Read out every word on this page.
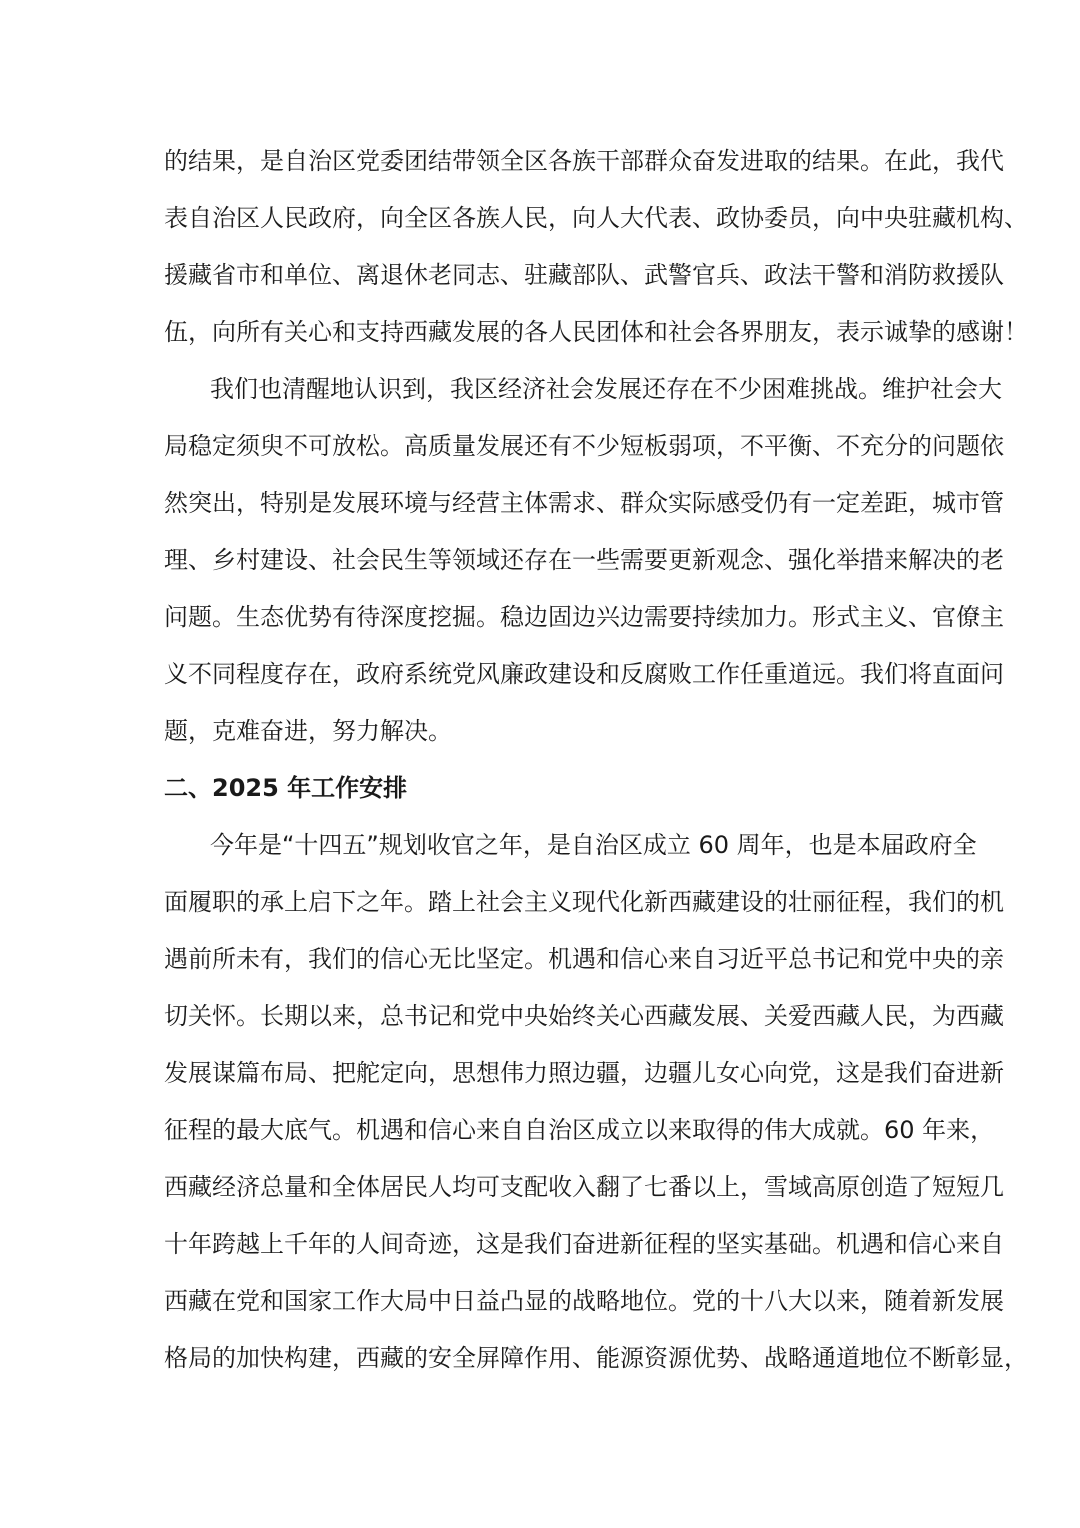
的结果，是自治区党委团结带领全区各族干部群众奋发进取的结果。在此，我代
表自治区人民政府，向全区各族人民，向人大代表、政协委员，向中央驻藏机构、
援藏省市和单位、离退休老同志、驻藏部队、武警官兵、政法干警和消防救援队
伍，向所有关心和支持西藏发展的各人民团体和社会各界朋友，表示诚挚的感谢！
我们也清醒地认识到，我区经济社会发展还存在不少困难挑战。维护社会大
局稳定须臾不可放松。高质量发展还有不少短板弱项，不平衡、不充分的问题依
然突出，特别是发展环境与经营主体需求、群众实际感受仍有一定差距，城市管
理、乡村建设、社会民生等领域还存在一些需要更新观念、强化举措来解决的老
问题。生态优势有待深度挖掘。稳边固边兴边需要持续加力。形式主义、官僚主
义不同程度存在，政府系统党风廉政建设和反腐败工作任重道远。我们将直面问
题，克难奋进，努力解决。
二、2025 年工作安排
今年是“十四五”规划收官之年，是自治区成立 60 周年，也是本届政府全
面履职的承上启下之年。踏上社会主义现代化新西藏建设的壮丽征程，我们的机
遇前所未有，我们的信心无比坚定。机遇和信心来自习近平总书记和党中央的亲
切关怀。长期以来，总书记和党中央始终关心西藏发展、关爱西藏人民，为西藏
发展谋篇布局、把舵定向，思想伟力照边疆，边疆儿女心向党，这是我们奋进新
征程的最大底气。机遇和信心来自自治区成立以来取得的伟大成就。60 年来，
西藏经济总量和全体居民人均可支配收入翻了七番以上，雪域高原创造了短短几
十年跨越上千年的人间奇迹，这是我们奋进新征程的坚实基础。机遇和信心来自
西藏在党和国家工作大局中日益凸显的战略地位。党的十八大以来，随着新发展
格局的加快构建，西藏的安全屏障作用、能源资源优势、战略通道地位不断彰显，
